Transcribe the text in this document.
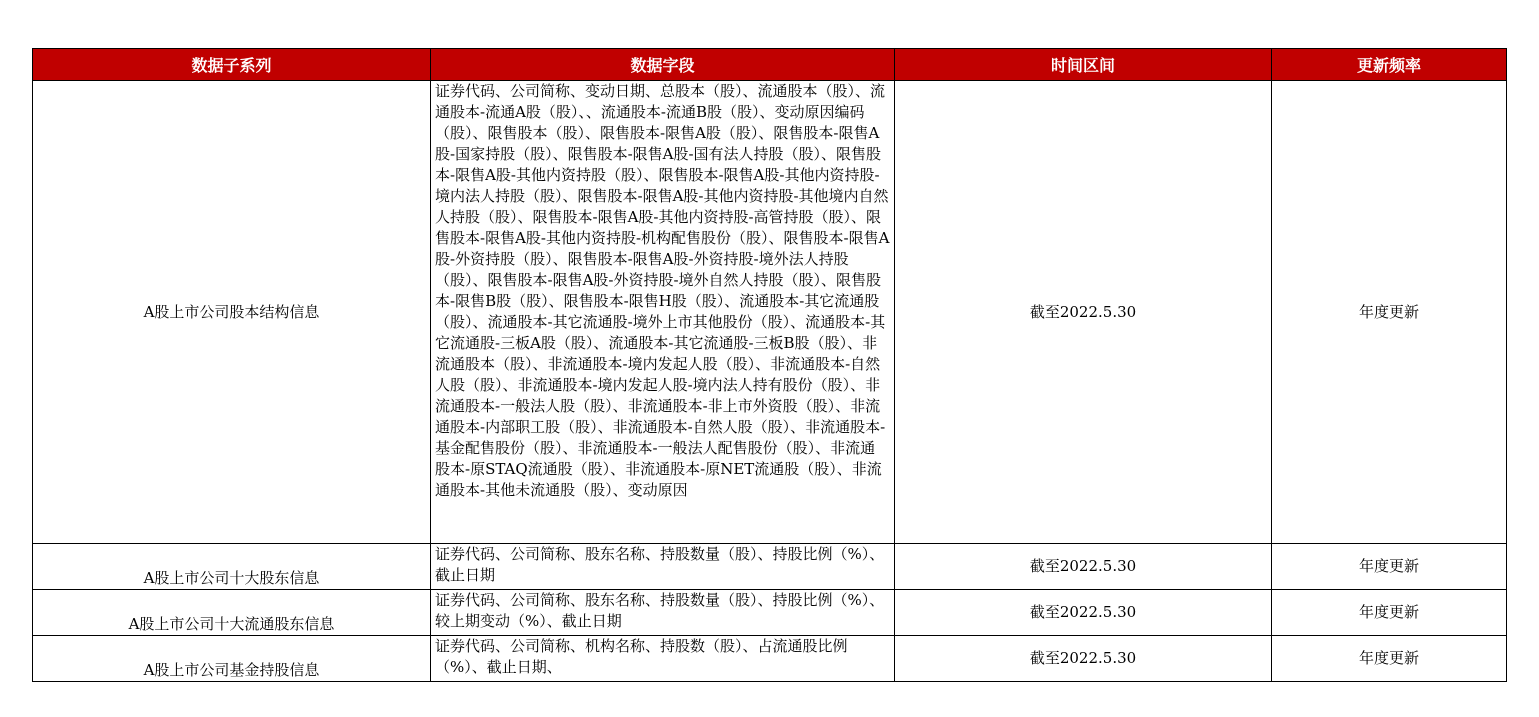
数据子系列	数据字段	时间区间	更新频率
A股上市公司股本结构信息	证券代码、公司简称、变动日期、总股本（股）、流通股本（股）、流通股本-流通A股（股）、、流通股本-流通B股（股）、变动原因编码（股）、限售股本（股）、限售股本-限售A股（股）、限售股本-限售A股-国家持股（股）、限售股本-限售A股-国有法人持股（股）、限售股本-限售A股-其他内资持股（股）、限售股本-限售A股-其他内资持股-境内法人持股（股）、限售股本-限售A股-其他内资持股-其他境内自然人持股（股）、限售股本-限售A股-其他内资持股-高管持股（股）、限售股本-限售A股-其他内资持股-机构配售股份（股）、限售股本-限售A股-外资持股（股）、限售股本-限售A股-外资持股-境外法人持股（股）、限售股本-限售A股-外资持股-境外自然人持股（股）、限售股本-限售B股（股）、限售股本-限售H股（股）、流通股本-其它流通股（股）、流通股本-其它流通股-境外上市其他股份（股）、流通股本-其它流通股-三板A股（股）、流通股本-其它流通股-三板B股（股）、非流通股本（股）、非流通股本-境内发起人股（股）、非流通股本-自然人股（股）、非流通股本-境内发起人股-境内法人持有股份（股）、非流通股本-一般法人股（股）、非流通股本-非上市外资股（股）、非流通股本-内部职工股（股）、非流通股本-自然人股（股）、非流通股本-基金配售股份（股）、非流通股本-一般法人配售股份（股）、非流通股本-原STAQ流通股（股）、非流通股本-原NET流通股（股）、非流通股本-其他未流通股（股）、变动原因	截至2022.5.30	年度更新
A股上市公司十大股东信息	证券代码、公司简称、股东名称、持股数量（股）、持股比例（%）、截止日期	截至2022.5.30	年度更新
A股上市公司十大流通股东信息	证券代码、公司简称、股东名称、持股数量（股）、持股比例（%）、较上期变动（%）、截止日期	截至2022.5.30	年度更新
A股上市公司基金持股信息	证券代码、公司简称、机构名称、持股数（股）、占流通股比例（%）、截止日期、	截至2022.5.30	年度更新
